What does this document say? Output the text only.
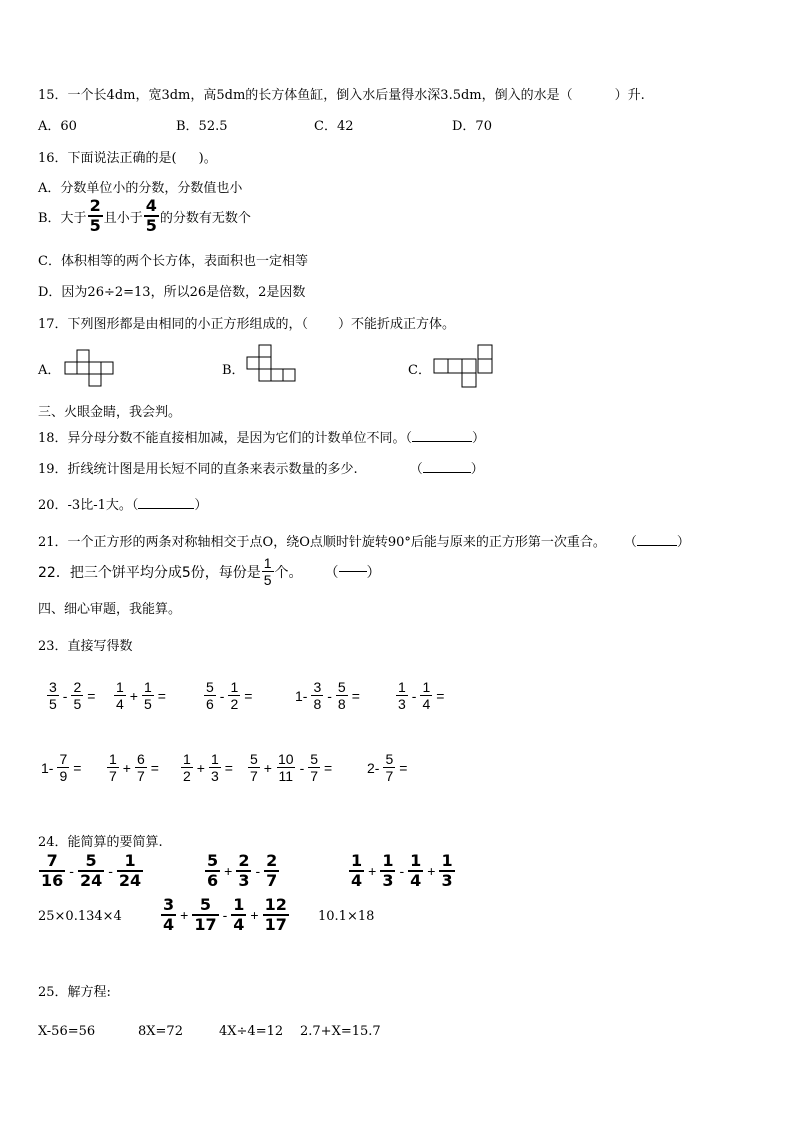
15．一个长4dm，宽3dm，高5dm的长方体鱼缸，倒入水后量得水深3.5dm，倒入的水是（	）升.
A．60	B．52.5	C．42	D．70
16．下面说法正确的是( )。
A．分数单位小的分数，分数值也小
B．大于 $\frac{2}{5}$ 且小于 $\frac{4}{5}$ 的分数有无数个
C．体积相等的两个长方体，表面积也一定相等
D．因为26÷2=13，所以26是倍数，2是因数
17．下列图形都是由相同的小正方形组成的，（ ）不能折成正方体。
A．	B．	C．
三、火眼金睛，我会判。
18．异分母分数不能直接相加减，是因为它们的计数单位不同。（	）
19．折线统计图是用长短不同的直条来表示数量的多少.	（	）
20．-3比-1大。（	）
21．一个正方形的两条对称轴相交于点O，绕O点顺时针旋转90°后能与原来的正方形第一次重合。 （	）
22．把三个饼平均分成5份，每份是 $\frac{1}{5}$ 个。 （ ）
四、细心审题，我能算。
23．直接写得数
$\frac{3}{5} - \frac{2}{5} = \frac{1}{4} + \frac{1}{5}$ =	$\frac{5}{6} - \frac{1}{2}$ =	$1- \frac{3}{8} - \frac{5}{8}$ =	$\frac{1}{3} - \frac{1}{4}$ =
$1- \frac{7}{9} = \frac{1}{7} + \frac{6}{7} = \frac{1}{2} + \frac{1}{3} = \frac{5}{7} + \frac{10}{11} - \frac{5}{7} = 2- \frac{5}{7}$ =
24．能简算的要简算.
$\frac{7}{16} - \frac{5}{24} - \frac{1}{24}$	$\frac{5}{6} + \frac{2}{3} - \frac{2}{7}$	$\frac{1}{4} + \frac{1}{3} - \frac{1}{4} + \frac{1}{3}$
$\frac{3}{4} + \frac{5}{17} - \frac{1}{4} + \frac{12}{17}$
25×0.134×4	10.1×18
25．解方程:
X-56=56	8X=72	4X÷4=12 2.7+X=15.7
